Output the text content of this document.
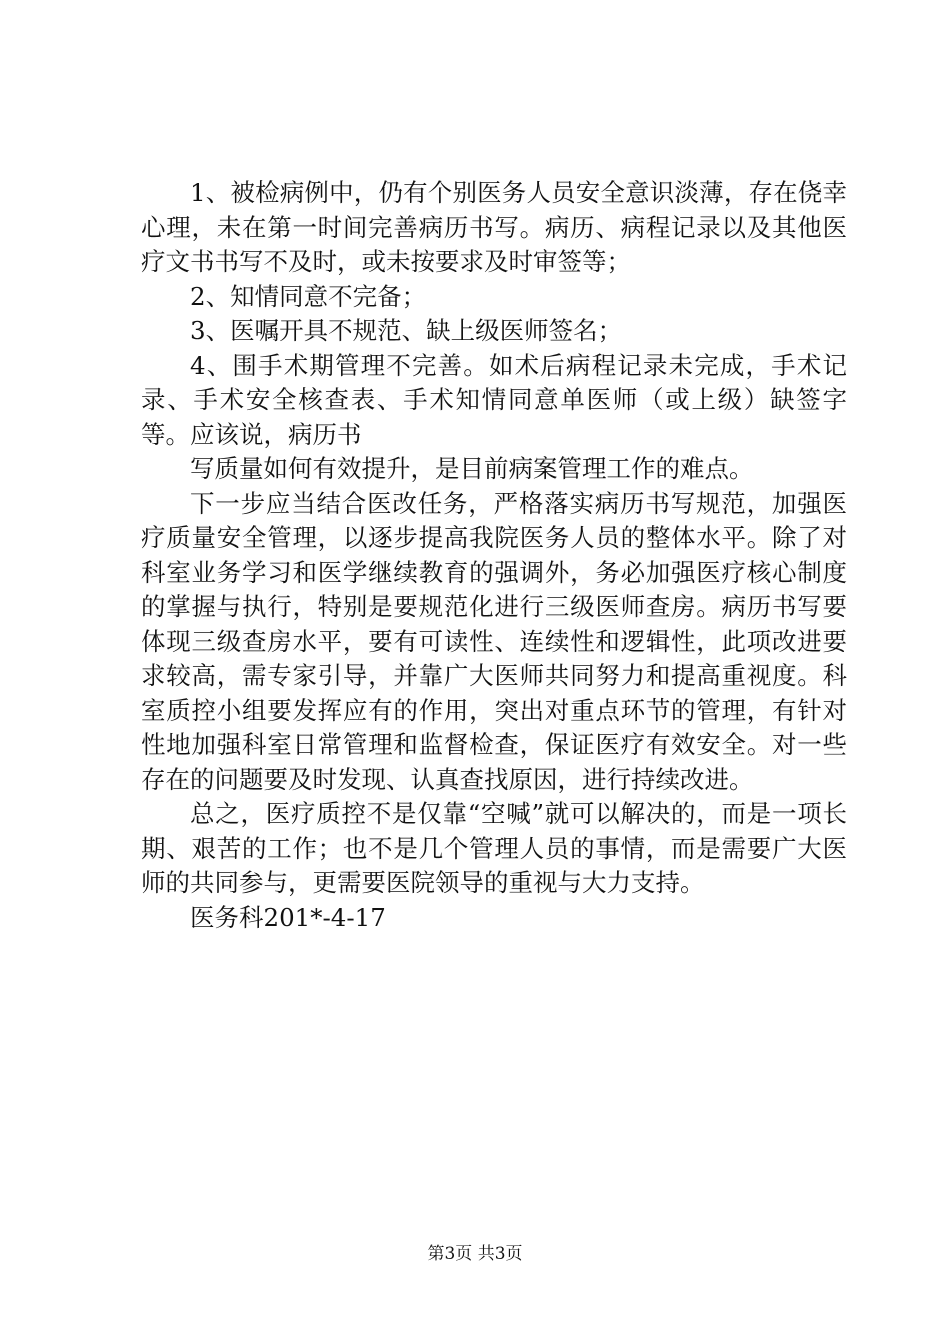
1、被检病例中，仍有个别医务人员安全意识淡薄，存在侥幸心理，未在第一时间完善病历书写。病历、病程记录以及其他医疗文书书写不及时，或未按要求及时审签等；

2、知情同意不完备；

3、医嘱开具不规范、缺上级医师签名；

4、围手术期管理不完善。如术后病程记录未完成，手术记录、手术安全核查表、手术知情同意单医师（或上级）缺签字等。应该说，病历书

写质量如何有效提升，是目前病案管理工作的难点。

下一步应当结合医改任务，严格落实病历书写规范，加强医疗质量安全管理，以逐步提高我院医务人员的整体水平。除了对科室业务学习和医学继续教育的强调外，务必加强医疗核心制度的掌握与执行，特别是要规范化进行三级医师查房。病历书写要体现三级查房水平，要有可读性、连续性和逻辑性，此项改进要求较高，需专家引导，并靠广大医师共同努力和提高重视度。科室质控小组要发挥应有的作用，突出对重点环节的管理，有针对性地加强科室日常管理和监督检查，保证医疗有效安全。对一些存在的问题要及时发现、认真查找原因，进行持续改进。

总之，医疗质控不是仅靠“空喊”就可以解决的，而是一项长期、艰苦的工作；也不是几个管理人员的事情，而是需要广大医师的共同参与，更需要医院领导的重视与大力支持。

医务科201*-4-17

第3页 共3页
